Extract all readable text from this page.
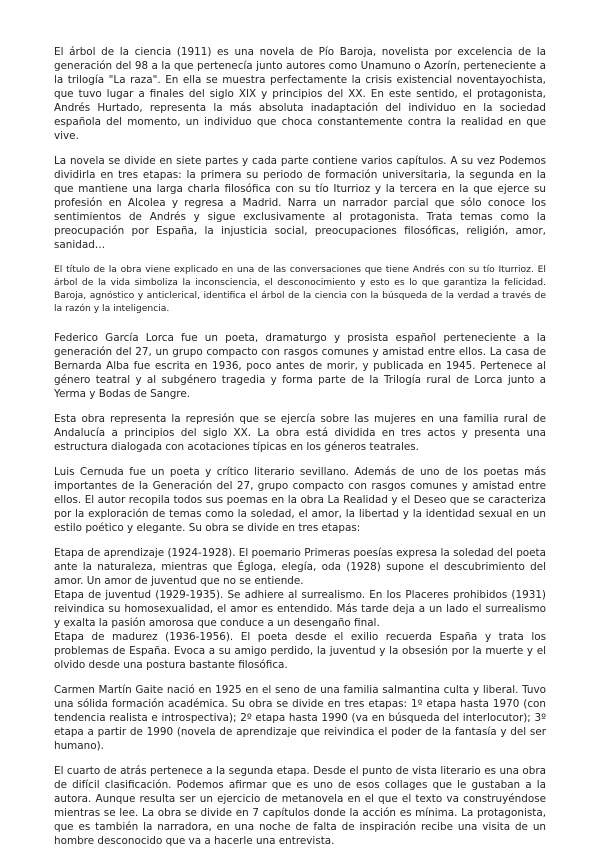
El árbol de la ciencia (1911) es una novela de Pío Baroja, novelista por excelencia de la generación del 98 a la que pertenecía junto autores como Unamuno o Azorín, perteneciente a la trilogía "La raza". En ella se muestra perfectamente la crisis existencial noventayochista, que tuvo lugar a finales del siglo XIX y principios del XX. En este sentido, el protagonista, Andrés Hurtado, representa la más absoluta inadaptación del individuo en la sociedad española del momento, un individuo que choca constantemente contra la realidad en que vive.

La novela se divide en siete partes y cada parte contiene varios capítulos. A su vez Podemos dividirla en tres etapas: la primera su periodo de formación universitaria, la segunda en la que mantiene una larga charla filosófica con su tío Iturrioz y la tercera en la que ejerce su profesión en Alcolea y regresa a Madrid. Narra un narrador parcial que sólo conoce los sentimientos de Andrés y sigue exclusivamente al protagonista. Trata temas como la preocupación por España, la injusticia social, preocupaciones filosóficas, religión, amor, sanidad…

El título de la obra viene explicado en una de las conversaciones que tiene Andrés con su tío Iturrioz. El árbol de la vida simboliza la inconsciencia, el desconocimiento y esto es lo que garantiza la felicidad. Baroja, agnóstico y anticlerical, identifica el árbol de la ciencia con la búsqueda de la verdad a través de la razón y la inteligencia.

Federico García Lorca fue un poeta, dramaturgo y prosista español perteneciente a la generación del 27, un grupo compacto con rasgos comunes y amistad entre ellos. La casa de Bernarda Alba fue escrita en 1936, poco antes de morir, y publicada en 1945. Pertenece al género teatral y al subgénero tragedia y forma parte de la Trilogía rural de Lorca junto a Yerma y Bodas de Sangre.

Esta obra representa la represión que se ejercía sobre las mujeres en una familia rural de Andalucía a principios del siglo XX. La obra está dividida en tres actos y presenta una estructura dialogada con acotaciones típicas en los géneros teatrales.

Luis Cernuda fue un poeta y crítico literario sevillano. Además de uno de los poetas más importantes de la Generación del 27, grupo compacto con rasgos comunes y amistad entre ellos. El autor recopila todos sus poemas en la obra La Realidad y el Deseo que se caracteriza por la exploración de temas como la soledad, el amor, la libertad y la identidad sexual en un estilo poético y elegante. Su obra se divide en tres etapas:

Etapa de aprendizaje (1924-1928). El poemario Primeras poesías expresa la soledad del poeta ante la naturaleza, mientras que Égloga, elegía, oda (1928) supone el descubrimiento del amor. Un amor de juventud que no se entiende.

Etapa de juventud (1929-1935). Se adhiere al surrealismo. En los Placeres prohibidos (1931) reivindica su homosexualidad, el amor es entendido. Más tarde deja a un lado el surrealismo y exalta la pasión amorosa que conduce a un desengaño final.

Etapa de madurez (1936-1956). El poeta desde el exilio recuerda España y trata los problemas de España. Evoca a su amigo perdido, la juventud y la obsesión por la muerte y el olvido desde una postura bastante filosófica.

Carmen Martín Gaite nació en 1925 en el seno de una familia salmantina culta y liberal. Tuvo una sólida formación académica. Su obra se divide en tres etapas: 1º etapa hasta 1970 (con tendencia realista e introspectiva); 2º etapa hasta 1990 (va en búsqueda del interlocutor); 3º etapa a partir de 1990 (novela de aprendizaje que reivindica el poder de la fantasía y del ser humano).

El cuarto de atrás pertenece a la segunda etapa. Desde el punto de vista literario es una obra de difícil clasificación. Podemos afirmar que es uno de esos collages que le gustaban a la autora. Aunque resulta ser un ejercicio de metanovela en el que el texto va construyéndose mientras se lee. La obra se divide en 7 capítulos donde la acción es mínima. La protagonista, que es también la narradora, en una noche de falta de inspiración recibe una visita de un hombre desconocido que va a hacerle una entrevista.
